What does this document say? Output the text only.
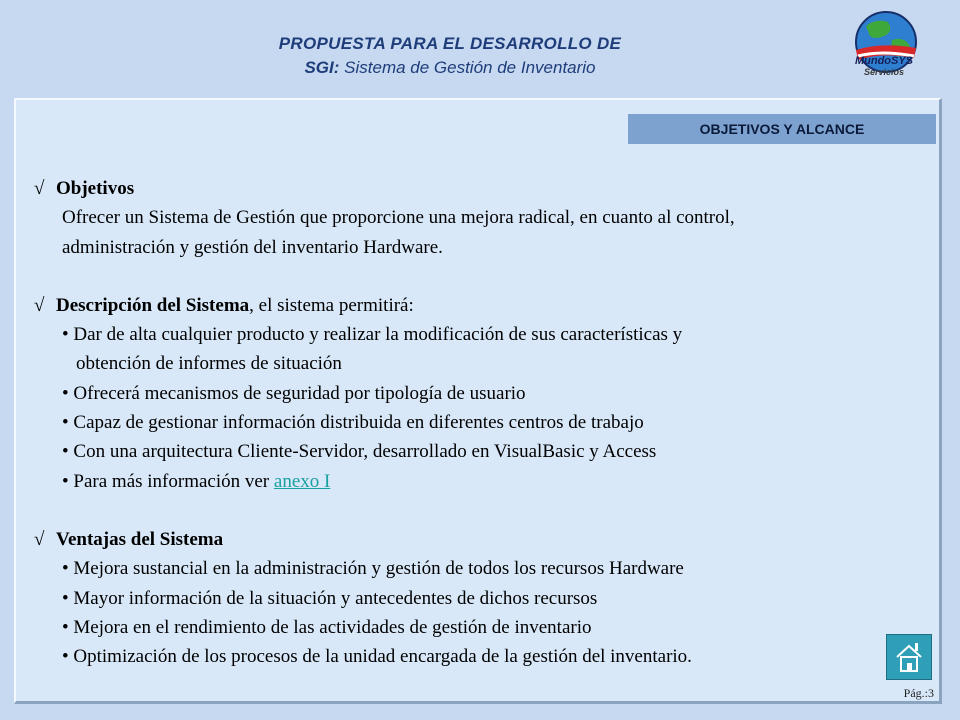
PROPUESTA PARA EL DESARROLLO DE
SGI: Sistema de Gestión de Inventario	MundoSYS
Servicios
OBJETIVOS Y ALCANCE
√ Objetivos
Ofrecer un Sistema de Gestión que proporcione una mejora radical, en cuanto al control,
administración y gestión del inventario Hardware.
√ Descripción del Sistema, el sistema permitirá:
• Dar de alta cualquier producto y realizar la modificación de sus características y
obtención de informes de situación
• Ofrecerá mecanismos de seguridad por tipología de usuario
• Capaz de gestionar información distribuida en diferentes centros de trabajo
• Con una arquitectura Cliente-Servidor, desarrollado en VisualBasic y Access
• Para más información ver anexo I
√ Ventajas del Sistema
• Mejora sustancial en la administración y gestión de todos los recursos Hardware
• Mayor información de la situación y antecedentes de dichos recursos
• Mejora en el rendimiento de las actividades de gestión de inventario
• Optimización de los procesos de la unidad encargada de la gestión del inventario.
Pág.:3
